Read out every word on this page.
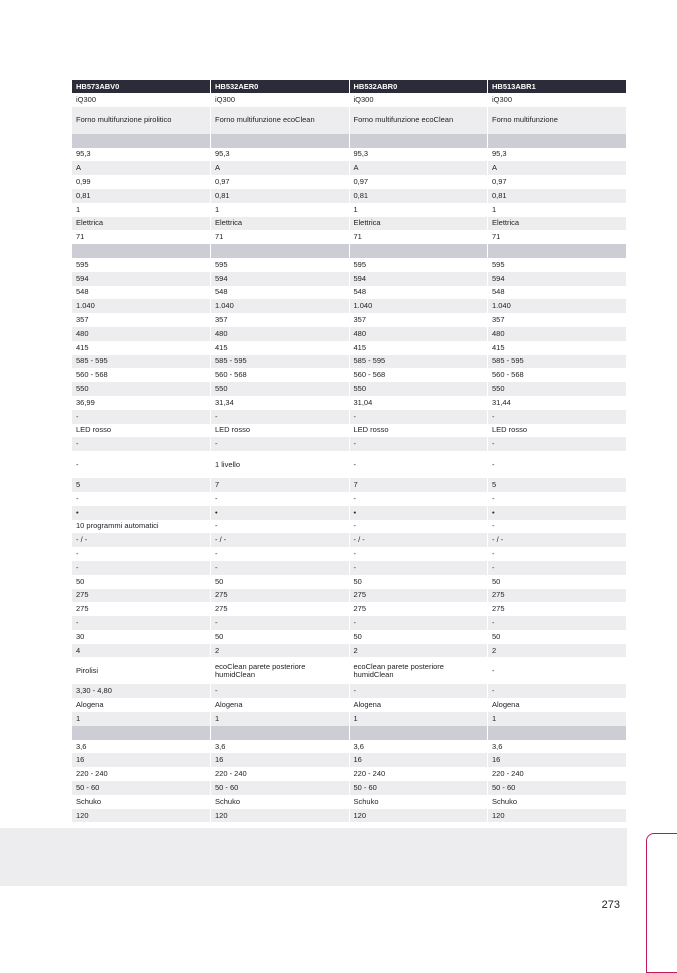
HB573ABV0	HB532AER0	HB532ABR0	HB513ABR1
iQ300	iQ300	iQ300	iQ300
Forno multifunzione pirolitico	Forno multifunzione ecoClean	Forno multifunzione ecoClean	Forno multifunzione

95,3	95,3	95,3	95,3
A	A	A	A
0,99	0,97	0,97	0,97
0,81	0,81	0,81	0,81
1	1	1	1
Elettrica	Elettrica	Elettrica	Elettrica
71	71	71	71

595	595	595	595
594	594	594	594
548	548	548	548
1.040	1.040	1.040	1.040
357	357	357	357
480	480	480	480
415	415	415	415
585 - 595	585 - 595	585 - 595	585 - 595
560 - 568	560 - 568	560 - 568	560 - 568
550	550	550	550
36,99	31,34	31,04	31,44
-	-	-	-
LED rosso	LED rosso	LED rosso	LED rosso
-	-	-	-
-	1 livello	-	-
5	7	7	5
-	-	-	-
•	•	•	•
10 programmi automatici	-	-	-
- / -	- / -	- / -	- / -
-	-	-	-
-	-	-	-
50	50	50	50
275	275	275	275
275	275	275	275
-	-	-	-
30	50	50	50
4	2	2	2
Pirolisi	ecoClean parete posteriore humidClean	ecoClean parete posteriore humidClean	-
3,30 - 4,80	-	-	-
Alogena	Alogena	Alogena	Alogena
1	1	1	1

3,6	3,6	3,6	3,6
16	16	16	16
220 - 240	220 - 240	220 - 240	220 - 240
50 - 60	50 - 60	50 - 60	50 - 60
Schuko	Schuko	Schuko	Schuko
120	120	120	120
273
